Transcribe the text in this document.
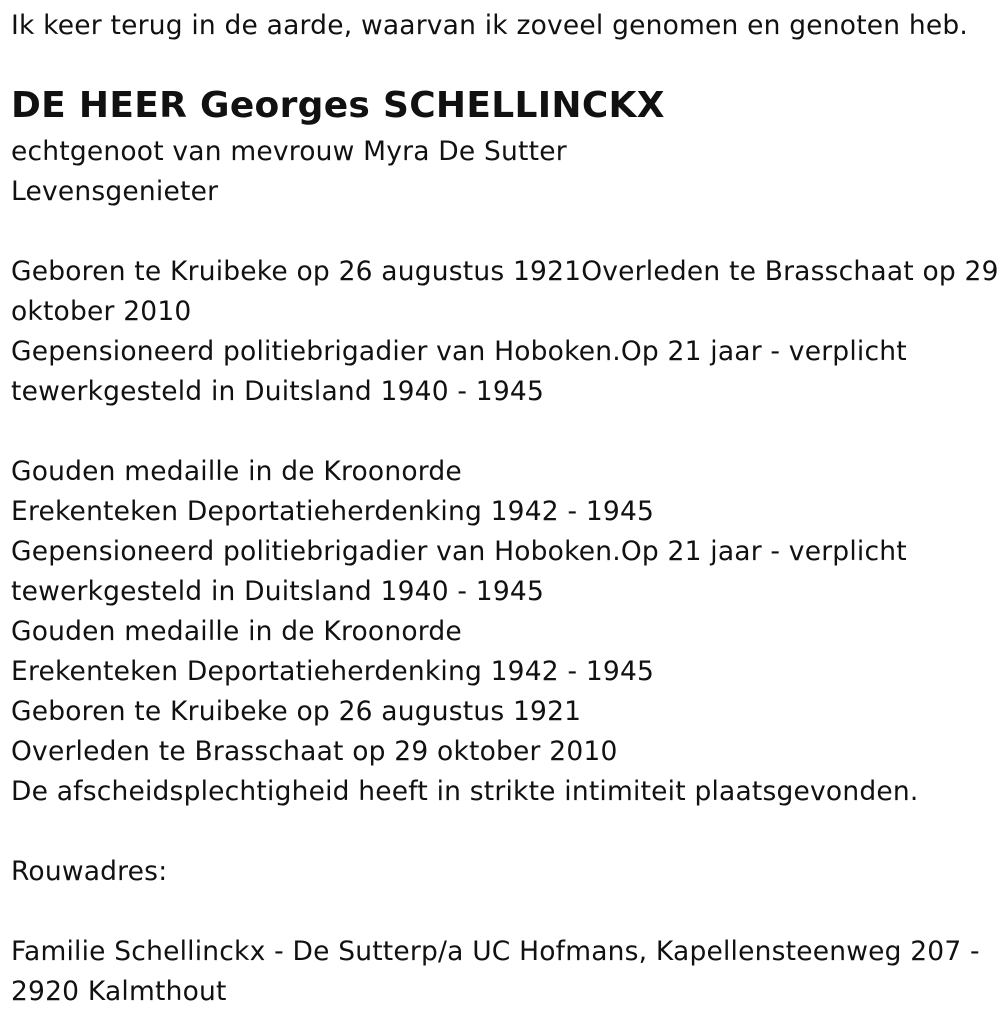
Ik keer terug in de aarde, waarvan ik zoveel genomen en genoten heb.
DE HEER Georges SCHELLINCKX
echtgenoot van mevrouw Myra De Sutter
Levensgenieter
Geboren te Kruibeke op 26 augustus 1921Overleden te Brasschaat op 29
oktober 2010
Gepensioneerd politiebrigadier van Hoboken.Op 21 jaar - verplicht
tewerkgesteld in Duitsland 1940 - 1945
Gouden medaille in de Kroonorde
Erekenteken Deportatieherdenking 1942 - 1945
Gepensioneerd politiebrigadier van Hoboken.Op 21 jaar - verplicht
tewerkgesteld in Duitsland 1940 - 1945
Gouden medaille in de Kroonorde
Erekenteken Deportatieherdenking 1942 - 1945
Geboren te Kruibeke op 26 augustus 1921
Overleden te Brasschaat op 29 oktober 2010
De afscheidsplechtigheid heeft in strikte intimiteit plaatsgevonden.
Rouwadres:
Familie Schellinckx - De Sutterp/a UC Hofmans, Kapellensteenweg 207 -
2920 Kalmthout
